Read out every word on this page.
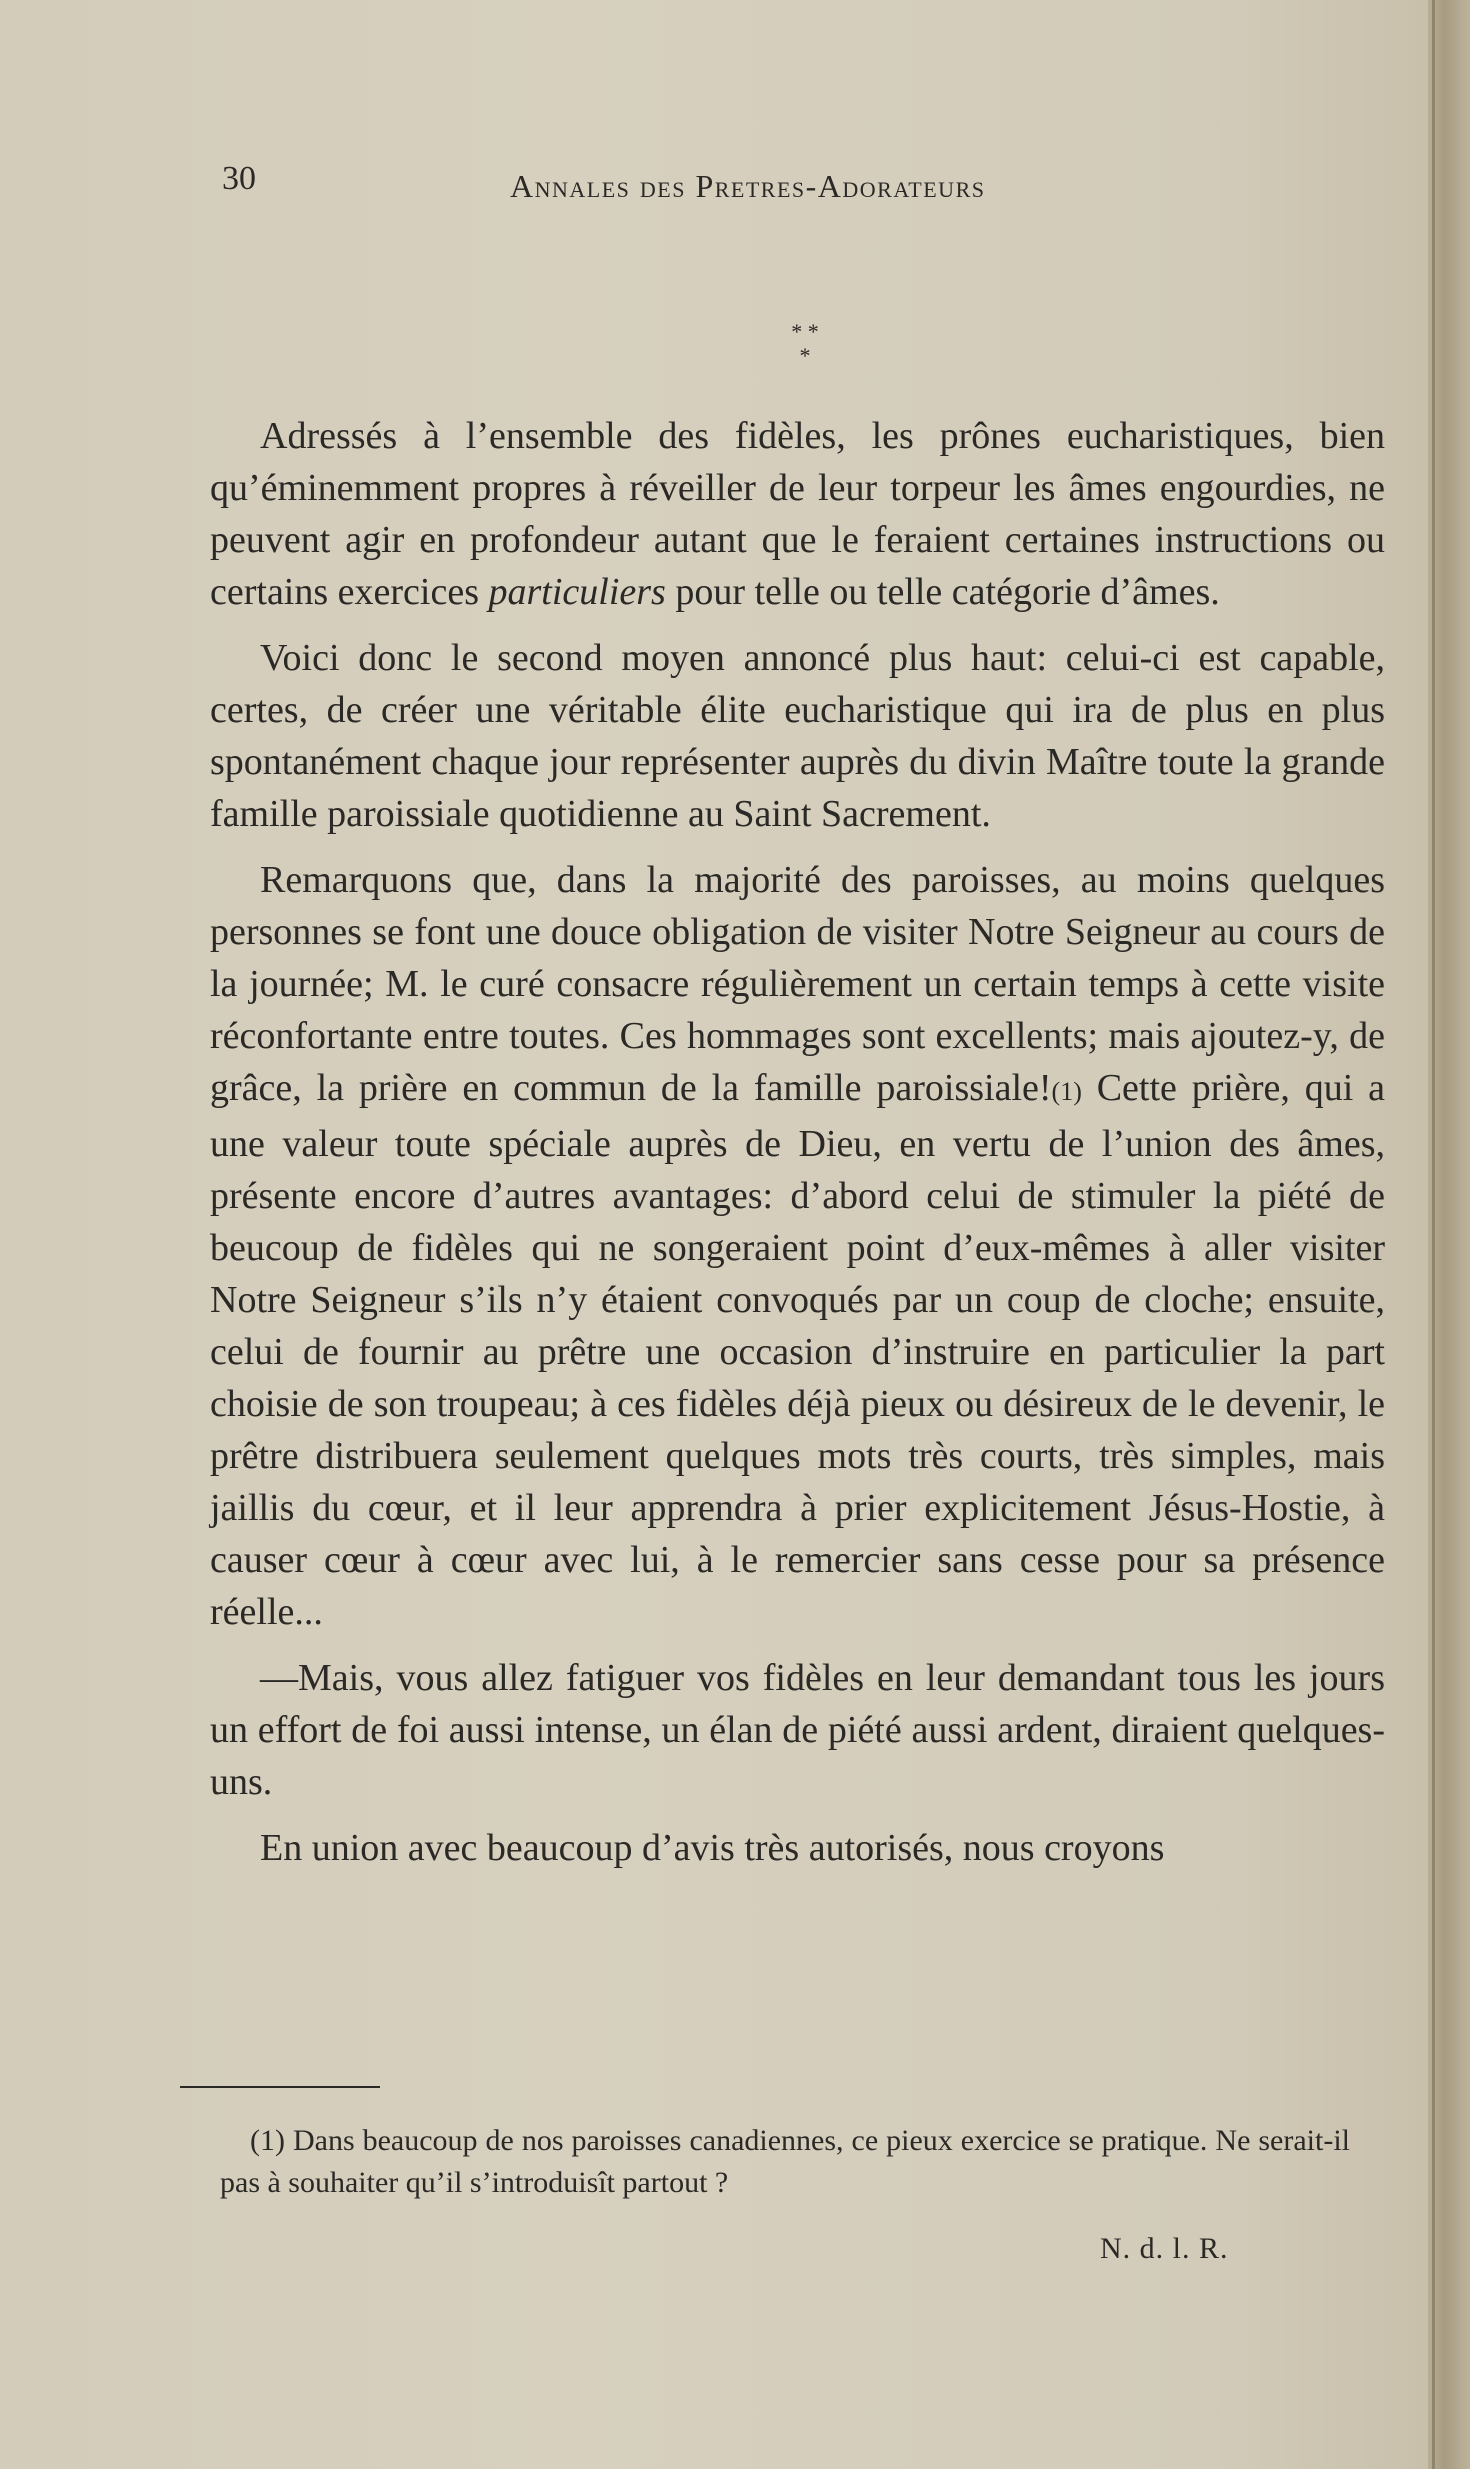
30	Annales des Pretres-Adorateurs
* *
*

Adressés à l’ensemble des fidèles, les prônes eucharistiques, bien qu’éminemment propres à réveiller de leur torpeur les âmes engourdies, ne peuvent agir en profondeur autant que le feraient certaines instructions ou certains exercices particuliers pour telle ou telle catégorie d’âmes.

Voici donc le second moyen annoncé plus haut: celui-ci est capable, certes, de créer une véritable élite eucharistique qui ira de plus en plus spontanément chaque jour représenter auprès du divin Maître toute la grande famille paroissiale quotidienne au Saint Sacrement.

Remarquons que, dans la majorité des paroisses, au moins quelques personnes se font une douce obligation de visiter Notre Seigneur au cours de la journée; M. le curé consacre régulièrement un certain temps à cette visite réconfortante entre toutes. Ces hommages sont excellents; mais ajoutez-y, de grâce, la prière en commun de la famille paroissiale!(1) Cette prière, qui a une valeur toute spéciale auprès de Dieu, en vertu de l’union des âmes, présente encore d’autres avantages: d’abord celui de stimuler la piété de beucoup de fidèles qui ne songeraient point d’eux-mêmes à aller visiter Notre Seigneur s’ils n’y étaient convoqués par un coup de cloche; ensuite, celui de fournir au prêtre une occasion d’instruire en particulier la part choisie de son troupeau; à ces fidèles déjà pieux ou désireux de le devenir, le prêtre distribuera seulement quelques mots très courts, très simples, mais jaillis du cœur, et il leur apprendra à prier explicitement Jésus-Hostie, à causer cœur à cœur avec lui, à le remercier sans cesse pour sa présence réelle...

—Mais, vous allez fatiguer vos fidèles en leur demandant tous les jours un effort de foi aussi intense, un élan de piété aussi ardent, diraient quelques-uns.

En union avec beaucoup d’avis très autorisés, nous croyons

(1) Dans beaucoup de nos paroisses canadiennes, ce pieux exercice se pratique. Ne serait-il pas à souhaiter qu’il s’introduisît partout ?

N. d. l. R.
